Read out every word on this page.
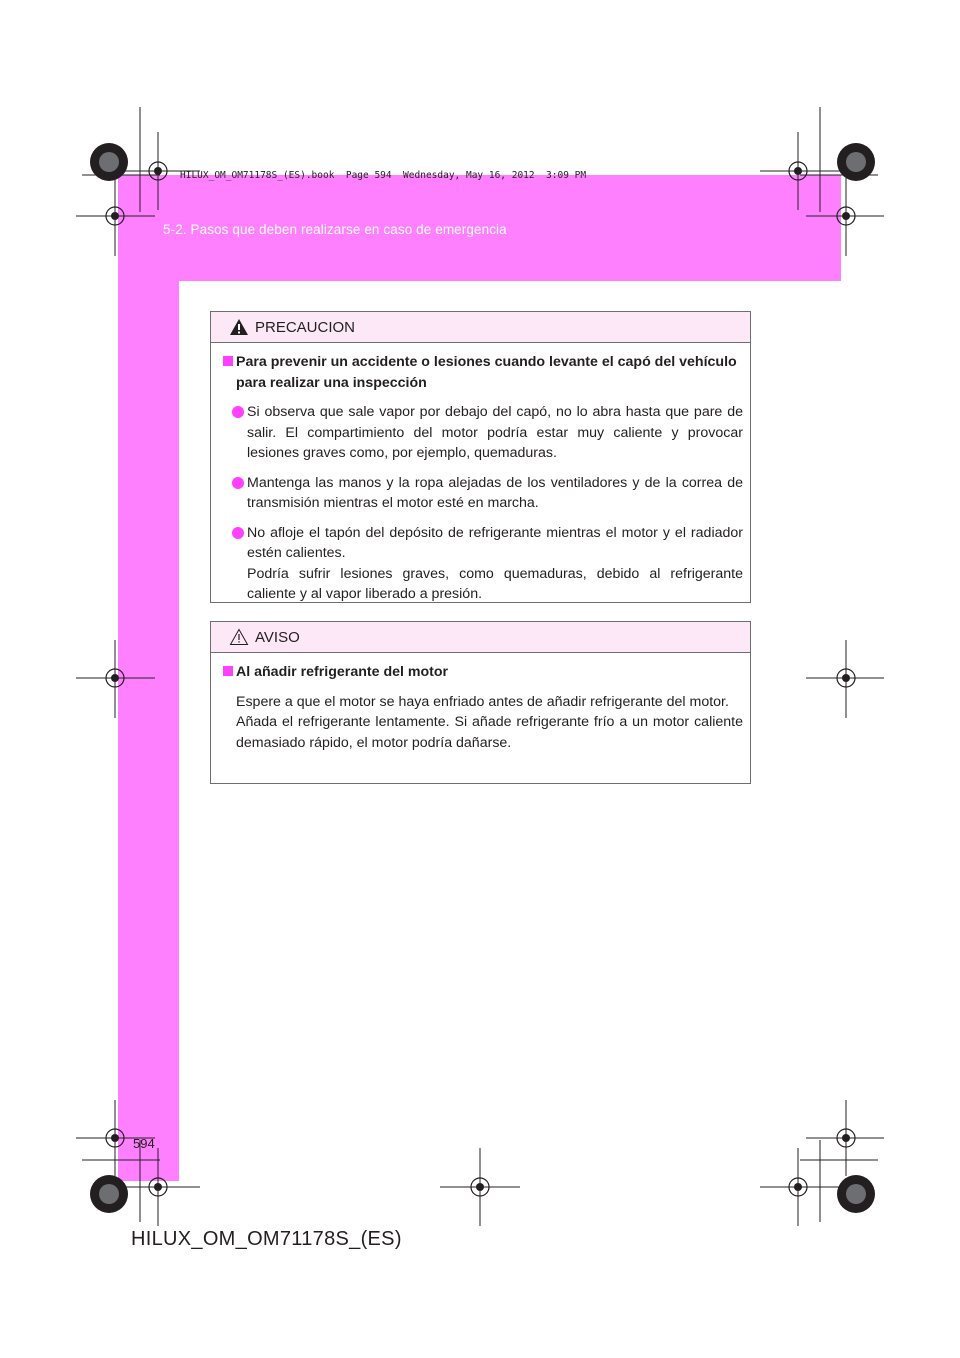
HILUX_OM_OM71178S_(ES).book  Page 594  Wednesday, May 16, 2012  3:09 PM
5-2. Pasos que deben realizarse en caso de emergencia
PRECAUCION
Para prevenir un accidente o lesiones cuando levante el capó del vehículo para realizar una inspección

Si observa que sale vapor por debajo del capó, no lo abra hasta que pare de salir. El compartimiento del motor podría estar muy caliente y provocar lesiones graves como, por ejemplo, quemaduras.

Mantenga las manos y la ropa alejadas de los ventiladores y de la correa de transmisión mientras el motor esté en marcha.

No afloje el tapón del depósito de refrigerante mientras el motor y el radiador estén calientes.

Podría sufrir lesiones graves, como quemaduras, debido al refrigerante caliente y al vapor liberado a presión.

AVISO
Al añadir refrigerante del motor

Espere a que el motor se haya enfriado antes de añadir refrigerante del motor.

Añada el refrigerante lentamente. Si añade refrigerante frío a un motor caliente demasiado rápido, el motor podría dañarse.

594
HILUX_OM_OM71178S_(ES)
